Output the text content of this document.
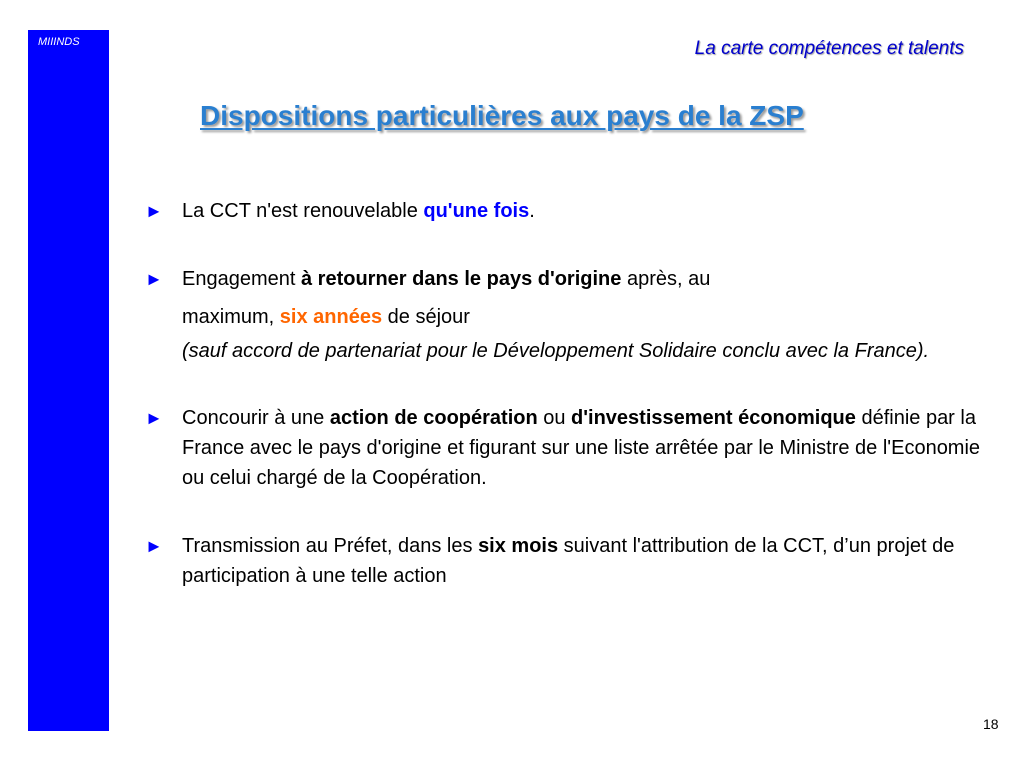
MIIINDS	La carte compétences et talents
Dispositions particulières aux pays de la ZSP
► La CCT n'est renouvelable qu'une fois.
► Engagement à retourner dans le pays d'origine après, au
maximum, six années de séjour
(sauf accord de partenariat pour le Développement Solidaire conclu avec la France).
► Concourir à une action de coopération ou d'investissement économique définie par la France avec le pays d'origine et figurant sur une liste arrêtée par le Ministre de l'Economie ou celui chargé de la Coopération.
► Transmission au Préfet, dans les six mois suivant l'attribution de la CCT, d’un projet de participation à une telle action
18
